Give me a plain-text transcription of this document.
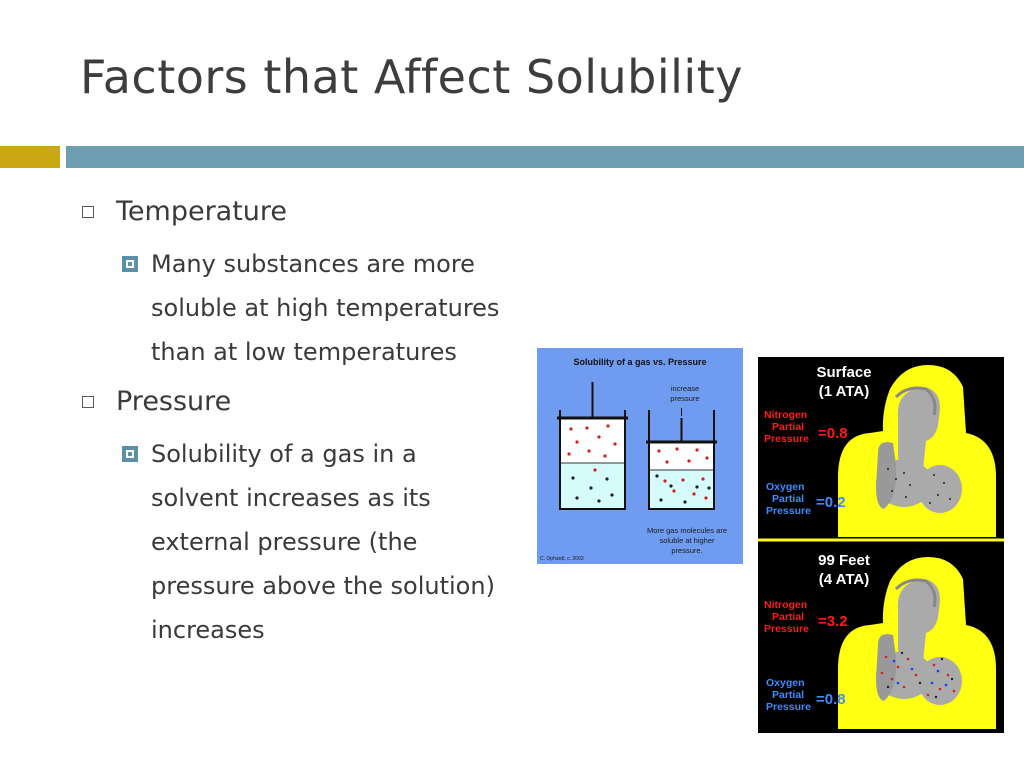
Factors that Affect Solubility
Temperature
Many substances are more
soluble at high temperatures
than at low temperatures
Pressure
Solubility of a gas in a
solvent increases as its
external pressure (the
pressure above the solution)
increases
Solubility of a gas vs. Pressure
increase
pressure
More gas molecules are
soluble at higher
pressure.
C. Ophardt, c. 2003
Surface
(1 ATA)
Nitrogen
Partial
Pressure =0.8
Oxygen
Partial
Pressure =0.2
99 Feet
(4 ATA)
Nitrogen
Partial
Pressure =3.2
Oxygen
Partial
Pressure =0.8
